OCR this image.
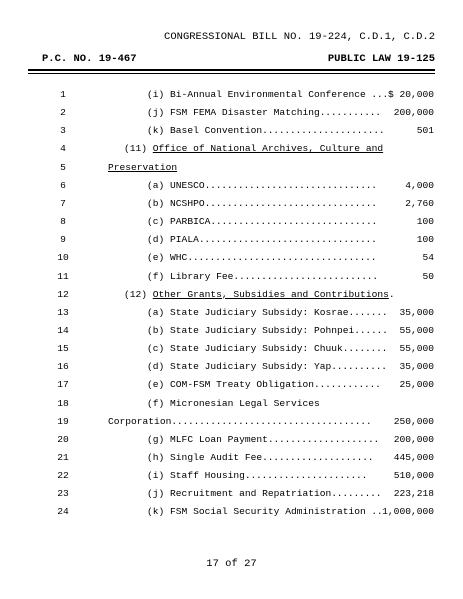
CONGRESSIONAL BILL NO. 19-224, C.D.1, C.D.2
P.C. NO. 19-467	PUBLIC LAW 19-125
1	(i) Bi-Annual Environmental Conference ...$ 20,000
2	(j) FSM FEMA Disaster Matching........... 200,000
3	(k) Basel Convention......................	501
4	(11) Office of National Archives, Culture and
5	Preservation
6	(a) UNESCO...............................	4,000
7	(b) NCSHPO...............................	2,760
8	(c) PARBICA..............................	100
9	(d) PIALA................................	100
10	(e) WHC..................................	54
11	(f) Library Fee..........................	50
12	(12) Other Grants, Subsidies and Contributions.
13	(a) State Judiciary Subsidy: Kosrae....... 35,000
14	(b) State Judiciary Subsidy: Pohnpei...... 55,000
15	(c) State Judiciary Subsidy: Chuuk........ 55,000
16	(d) State Judiciary Subsidy: Yap.......... 35,000
17	(e) COM-FSM Treaty Obligation............ 25,000
18	(f) Micronesian Legal Services
19	Corporation.................................... 250,000
20	(g) MLFC Loan Payment.................... 200,000
21	(h) Single Audit Fee.................... 445,000
22	(i) Staff Housing......................	510,000
23	(j) Recruitment and Repatriation......... 223,218
24	(k) FSM Social Security Administration .. 1,000,000
17 of 27
